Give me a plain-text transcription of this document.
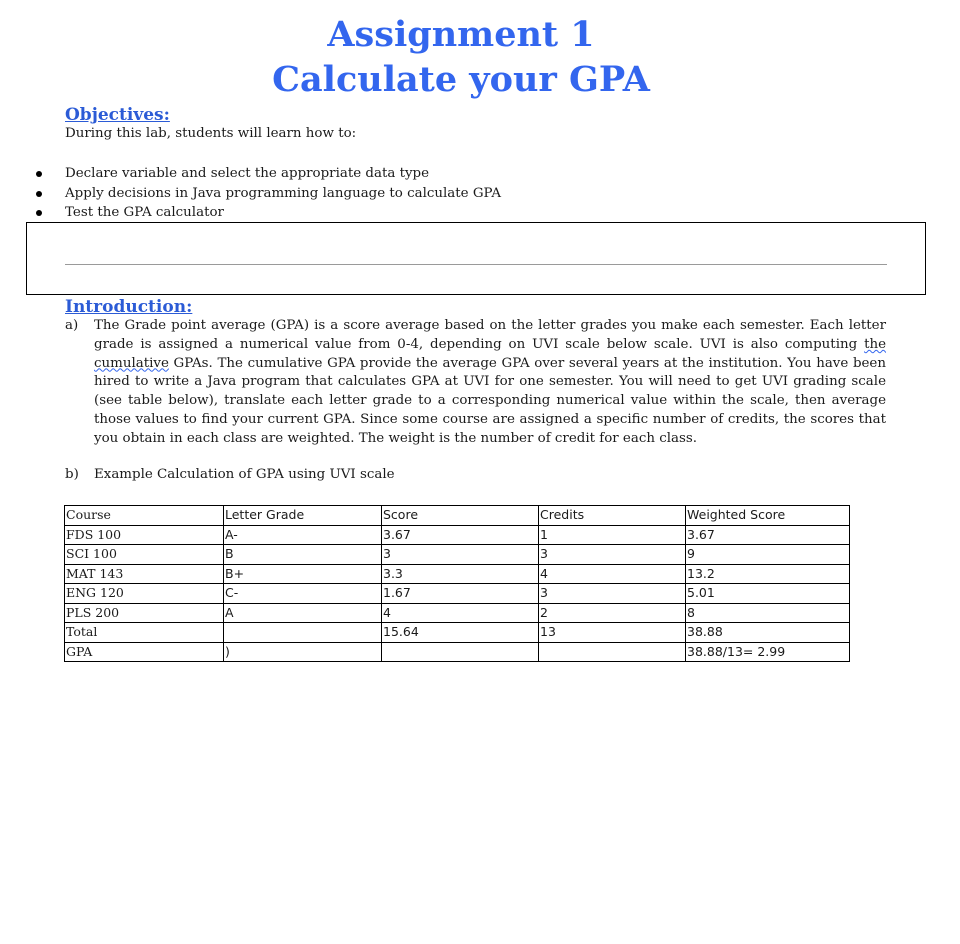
Assignment 1
Calculate your GPA
Objectives:

During this lab, students will learn how to:

Declare variable and select the appropriate data type
Apply decisions in Java programming language to calculate GPA
Test the GPA calculator
Introduction:
a) The Grade point average (GPA) is a score average based on the letter grades you make each semester. Each letter grade is assigned a numerical value from 0-4, depending on UVI scale below scale. UVI is also computing the cumulative GPAs. The cumulative GPA provide the average GPA over several years at the institution. You have been hired to write a Java program that calculates GPA at UVI for one semester. You will need to get UVI grading scale (see table below), translate each letter grade to a corresponding numerical value within the scale, then average those values to find your current GPA. Since some course are assigned a specific number of credits, the scores that you obtain in each class are weighted. The weight is the number of credit for each class.

b) Example Calculation of GPA using UVI scale
Course	Letter Grade	Score	Credits	Weighted Score
FDS 100	A-	3.67	1	3.67
SCI 100	B	3	3	9
MAT 143	B+	3.3	4	13.2
ENG 120	C-	1.67	3	5.01
PLS 200	A	4	2	8
Total		15.64	13	38.88
GPA	)			38.88/13= 2.99
